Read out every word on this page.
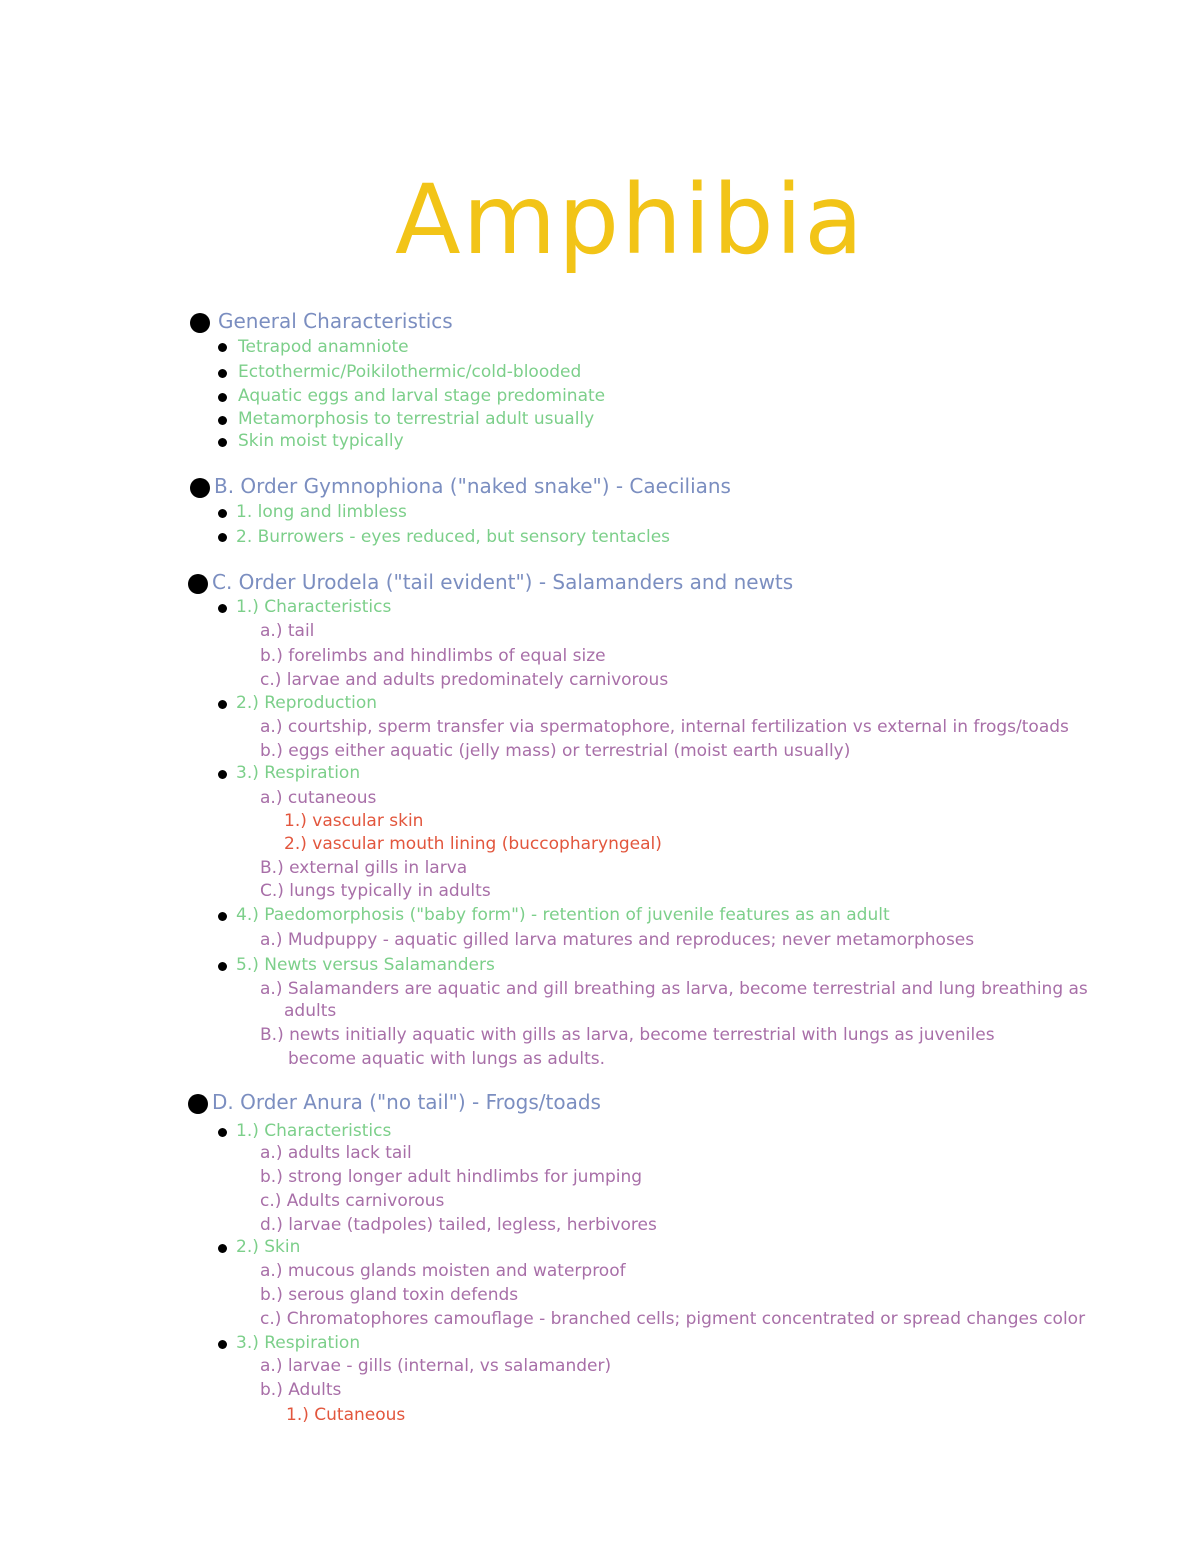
Amphibia
General Characteristics
Tetrapod anamniote
Ectothermic/Poikilothermic/cold-blooded
Aquatic eggs and larval stage predominate
Metamorphosis to terrestrial adult usually
Skin moist typically
B. Order Gymnophiona ("naked snake") - Caecilians
1. long and limbless
2. Burrowers - eyes reduced, but sensory tentacles
C. Order Urodela ("tail evident") - Salamanders and newts
1.) Characteristics
a.) tail
b.) forelimbs and hindlimbs of equal size
c.) larvae and adults predominately carnivorous
2.) Reproduction
a.) courtship, sperm transfer via spermatophore, internal fertilization vs external in frogs/toads
b.) eggs either aquatic (jelly mass) or terrestrial (moist earth usually)
3.) Respiration
a.) cutaneous
1.) vascular skin
2.) vascular mouth lining (buccopharyngeal)
B.) external gills in larva
C.) lungs typically in adults
4.) Paedomorphosis ("baby form") - retention of juvenile features as an adult
a.) Mudpuppy - aquatic gilled larva matures and reproduces; never metamorphoses
5.) Newts versus Salamanders
a.) Salamanders are aquatic and gill breathing as larva, become terrestrial and lung breathing as
adults
B.) newts initially aquatic with gills as larva, become terrestrial with lungs as juveniles
become aquatic with lungs as adults.
D. Order Anura ("no tail") - Frogs/toads
1.) Characteristics
a.) adults lack tail
b.) strong longer adult hindlimbs for jumping
c.) Adults carnivorous
d.) larvae (tadpoles) tailed, legless, herbivores
2.) Skin
a.) mucous glands moisten and waterproof
b.) serous gland toxin defends
c.) Chromatophores camouflage - branched cells; pigment concentrated or spread changes color
3.) Respiration
a.) larvae - gills (internal, vs salamander)
b.) Adults
1.) Cutaneous
